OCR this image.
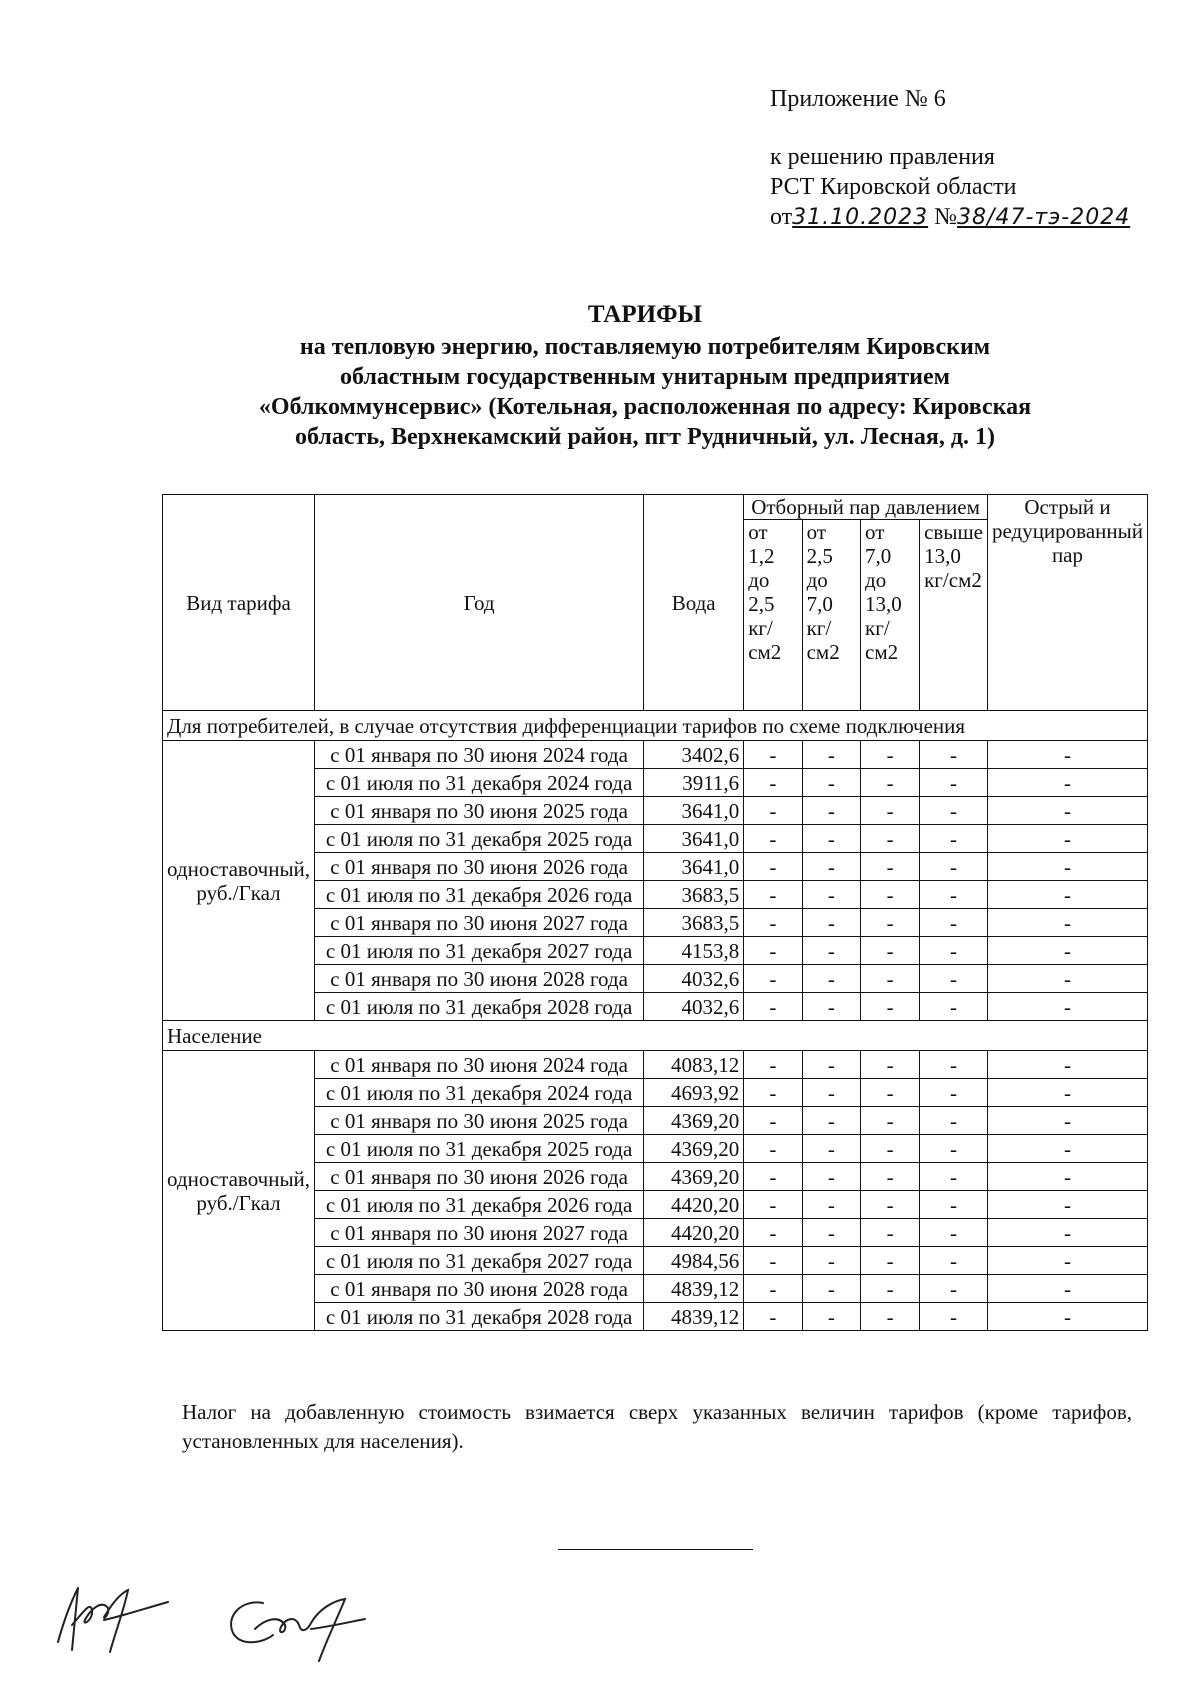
Приложение № 6
к решению правления
РСТ Кировской области
от31.10.2023 №38/47-тэ-2024
ТАРИФЫ
на тепловую энергию, поставляемую потребителям Кировским
областным государственным унитарным предприятием
«Облкоммунсервис» (Котельная, расположенная по адресу: Кировская
область, Верхнекамский район, пгт Рудничный, ул. Лесная, д. 1)
Вид тарифа	Год	Вода	Отборный пар давлением				Острый и редуцированный пар
			от 1,2 до 2,5 кг/см2	от 2,5 до 7,0 кг/см2	от 7,0 до 13,0 кг/см2	свыше 13,0 кг/см2	
Для потребителей, в случае отсутствия дифференциации тарифов по схеме подключения							
одноставочный, руб./Гкал	с 01 января по 30 июня 2024 года	3402,6	-	-	-	-	-
	с 01 июля по 31 декабря 2024 года	3911,6	-	-	-	-	-
	с 01 января по 30 июня 2025 года	3641,0	-	-	-	-	-
	с 01 июля по 31 декабря 2025 года	3641,0	-	-	-	-	-
	с 01 января по 30 июня 2026 года	3641,0	-	-	-	-	-
	с 01 июля по 31 декабря 2026 года	3683,5	-	-	-	-	-
	с 01 января по 30 июня 2027 года	3683,5	-	-	-	-	-
	с 01 июля по 31 декабря 2027 года	4153,8	-	-	-	-	-
	с 01 января по 30 июня 2028 года	4032,6	-	-	-	-	-
	с 01 июля по 31 декабря 2028 года	4032,6	-	-	-	-	-
Население							
одноставочный, руб./Гкал	с 01 января по 30 июня 2024 года	4083,12	-	-	-	-	-
	с 01 июля по 31 декабря 2024 года	4693,92	-	-	-	-	-
	с 01 января по 30 июня 2025 года	4369,20	-	-	-	-	-
	с 01 июля по 31 декабря 2025 года	4369,20	-	-	-	-	-
	с 01 января по 30 июня 2026 года	4369,20	-	-	-	-	-
	с 01 июля по 31 декабря 2026 года	4420,20	-	-	-	-	-
	с 01 января по 30 июня 2027 года	4420,20	-	-	-	-	-
	с 01 июля по 31 декабря 2027 года	4984,56	-	-	-	-	-
	с 01 января по 30 июня 2028 года	4839,12	-	-	-	-	-
	с 01 июля по 31 декабря 2028 года	4839,12	-	-	-	-	-
Налог на добавленную стоимость взимается сверх указанных величин тарифов (кроме тарифов, установленных для населения).
